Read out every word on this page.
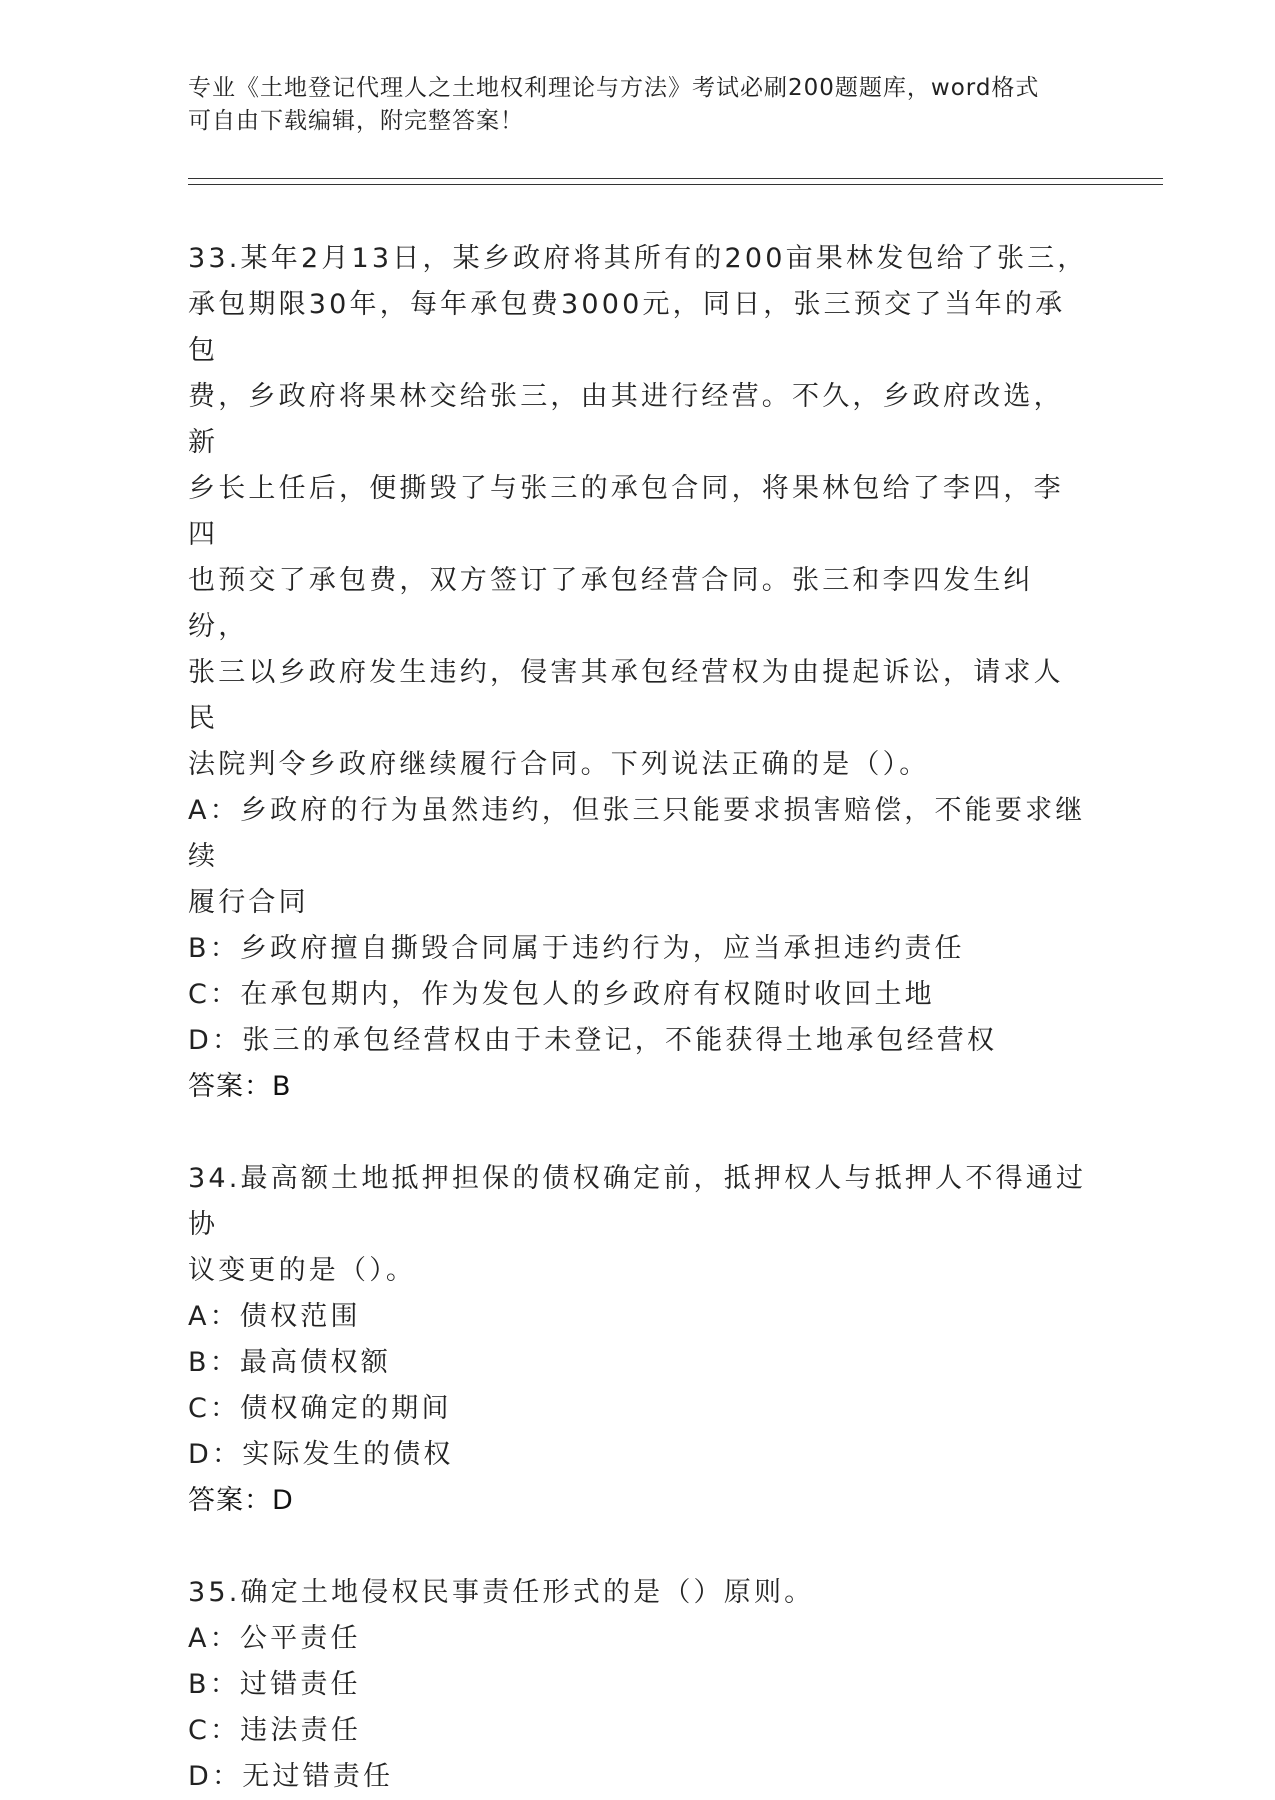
专业《土地登记代理人之土地权利理论与方法》考试必刷200题题库，word格式
可自由下载编辑，附完整答案！

33.某年2月13日，某乡政府将其所有的200亩果林发包给了张三，

承包期限30年，每年承包费3000元，同日，张三预交了当年的承包

费，乡政府将果林交给张三，由其进行经营。不久，乡政府改选，新

乡长上任后，便撕毁了与张三的承包合同，将果林包给了李四，李四

也预交了承包费，双方签订了承包经营合同。张三和李四发生纠纷，

张三以乡政府发生违约，侵害其承包经营权为由提起诉讼，请求人民

法院判令乡政府继续履行合同。下列说法正确的是（）。

A：乡政府的行为虽然违约，但张三只能要求损害赔偿，不能要求继续

履行合同

B：乡政府擅自撕毁合同属于违约行为，应当承担违约责任

C：在承包期内，作为发包人的乡政府有权随时收回土地

D：张三的承包经营权由于未登记，不能获得土地承包经营权

答案：B

34.最高额土地抵押担保的债权确定前，抵押权人与抵押人不得通过协

议变更的是（）。

A：债权范围

B：最高债权额

C：债权确定的期间

D：实际发生的债权

答案：D

35.确定土地侵权民事责任形式的是（）原则。

A：公平责任

B：过错责任

C：违法责任

D：无过错责任
